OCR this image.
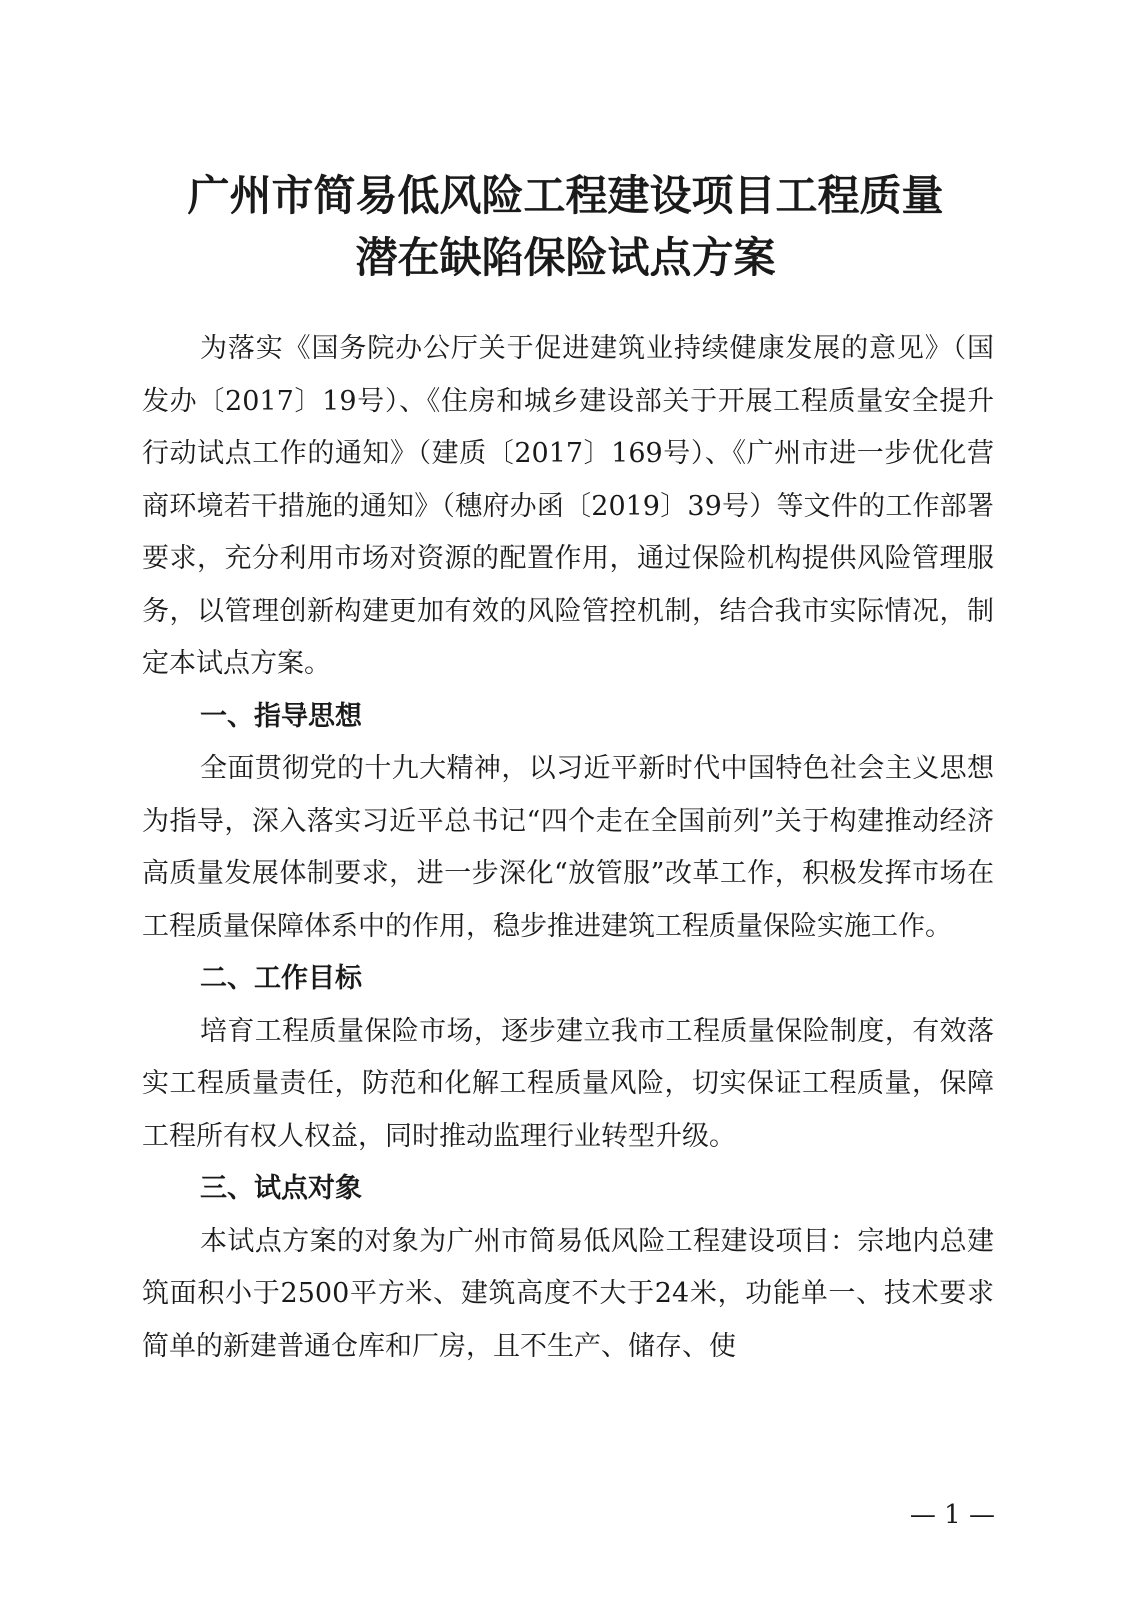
广州市简易低风险工程建设项目工程质量
潜在缺陷保险试点方案

为落实《国务院办公厅关于促进建筑业持续健康发展的意见》（国发办〔2017〕19号）、《住房和城乡建设部关于开展工程质量安全提升行动试点工作的通知》（建质〔2017〕169号）、《广州市进一步优化营商环境若干措施的通知》（穗府办函〔2019〕39号）等文件的工作部署要求，充分利用市场对资源的配置作用，通过保险机构提供风险管理服务，以管理创新构建更加有效的风险管控机制，结合我市实际情况，制定本试点方案。

一、指导思想

全面贯彻党的十九大精神，以习近平新时代中国特色社会主义思想为指导，深入落实习近平总书记“四个走在全国前列”关于构建推动经济高质量发展体制要求，进一步深化“放管服”改革工作，积极发挥市场在工程质量保障体系中的作用，稳步推进建筑工程质量保险实施工作。

二、工作目标

培育工程质量保险市场，逐步建立我市工程质量保险制度，有效落实工程质量责任，防范和化解工程质量风险，切实保证工程质量，保障工程所有权人权益，同时推动监理行业转型升级。

三、试点对象

本试点方案的对象为广州市简易低风险工程建设项目：宗地内总建筑面积小于2500平方米、建筑高度不大于24米，功能单一、技术要求简单的新建普通仓库和厂房，且不生产、储存、使

— 1 —
